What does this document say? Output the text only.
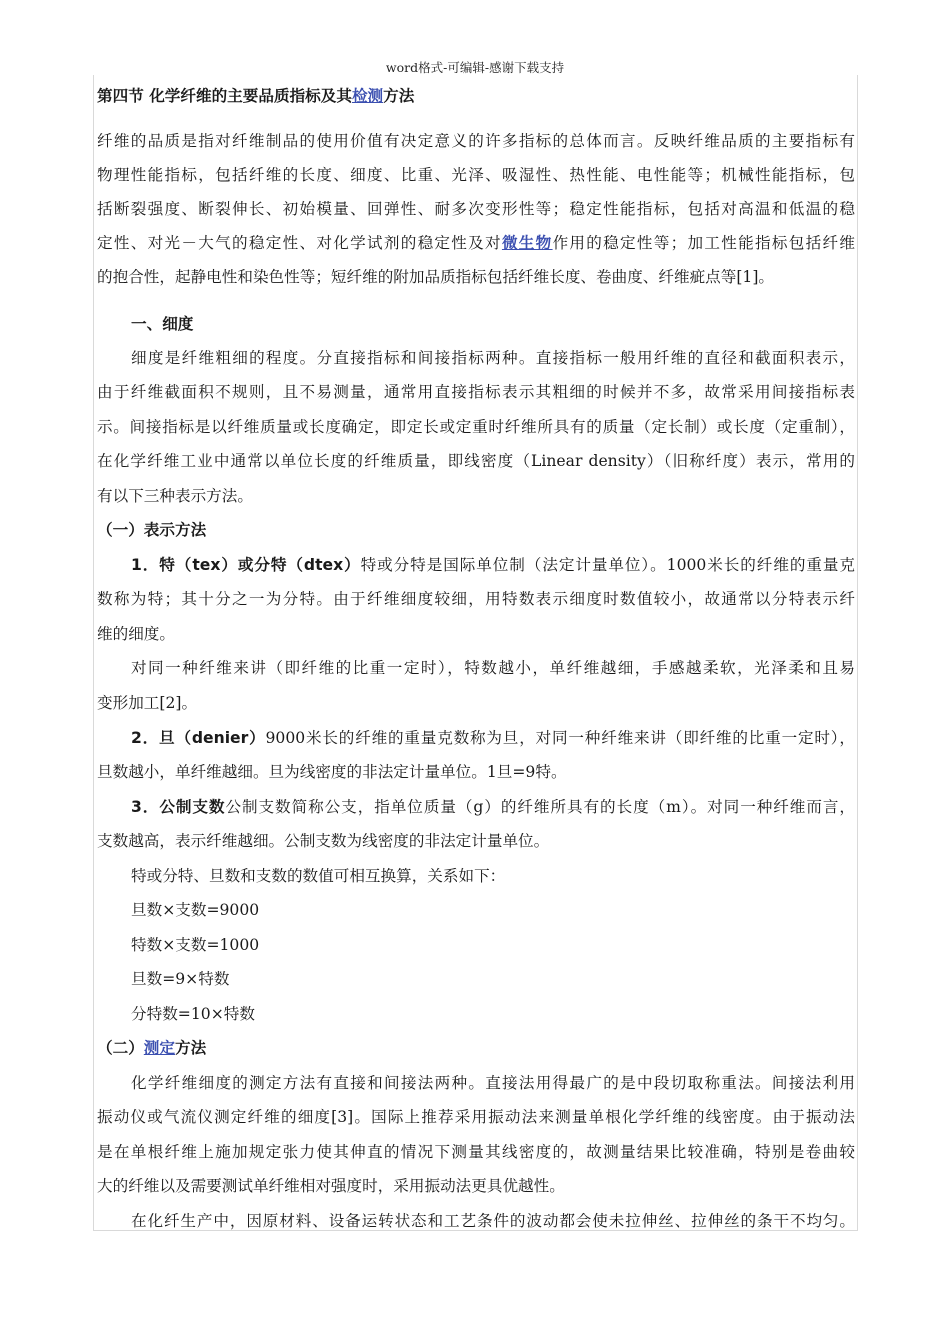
word格式-可编辑-感谢下载支持
第四节 化学纤维的主要品质指标及其检测方法
纤维的品质是指对纤维制品的使用价值有决定意义的许多指标的总体而言。反映纤维品质的主要指标有
物理性能指标，包括纤维的长度、细度、比重、光泽、吸湿性、热性能、电性能等；机械性能指标，包
括断裂强度、断裂伸长、初始模量、回弹性、耐多次变形性等；稳定性能指标，包括对高温和低温的稳
定性、对光－大气的稳定性、对化学试剂的稳定性及对微生物作用的稳定性等；加工性能指标包括纤维
的抱合性，起静电性和染色性等；短纤维的附加品质指标包括纤维长度、卷曲度、纤维疵点等[1]。
一、细度
细度是纤维粗细的程度。分直接指标和间接指标两种。直接指标一般用纤维的直径和截面积表示，
由于纤维截面积不规则，且不易测量，通常用直接指标表示其粗细的时候并不多，故常采用间接指标表
示。间接指标是以纤维质量或长度确定，即定长或定重时纤维所具有的质量（定长制）或长度（定重制），
在化学纤维工业中通常以单位长度的纤维质量，即线密度（Linear density）（旧称纤度）表示，常用的
有以下三种表示方法。
（一）表示方法
1．特（tex）或分特（dtex）特或分特是国际单位制（法定计量单位）。1000米长的纤维的重量克
数称为特；其十分之一为分特。由于纤维细度较细，用特数表示细度时数值较小，故通常以分特表示纤
维的细度。
对同一种纤维来讲（即纤维的比重一定时），特数越小，单纤维越细，手感越柔软，光泽柔和且易
变形加工[2]。
2．旦（denier）9000米长的纤维的重量克数称为旦，对同一种纤维来讲（即纤维的比重一定时），
旦数越小，单纤维越细。旦为线密度的非法定计量单位。1旦=9特。
3．公制支数公制支数简称公支，指单位质量（g）的纤维所具有的长度（m）。对同一种纤维而言，
支数越高，表示纤维越细。公制支数为线密度的非法定计量单位。
特或分特、旦数和支数的数值可相互换算，关系如下：
旦数×支数=9000
特数×支数=1000
旦数=9×特数
分特数=10×特数
（二）测定方法
化学纤维细度的测定方法有直接和间接法两种。直接法用得最广的是中段切取称重法。间接法利用
振动仪或气流仪测定纤维的细度[3]。国际上推荐采用振动法来测量单根化学纤维的线密度。由于振动法
是在单根纤维上施加规定张力使其伸直的情况下测量其线密度的，故测量结果比较准确，特别是卷曲较
大的纤维以及需要测试单纤维相对强度时，采用振动法更具优越性。
在化纤生产中，因原材料、设备运转状态和工艺条件的波动都会使未拉伸丝、拉伸丝的条干不均匀。
